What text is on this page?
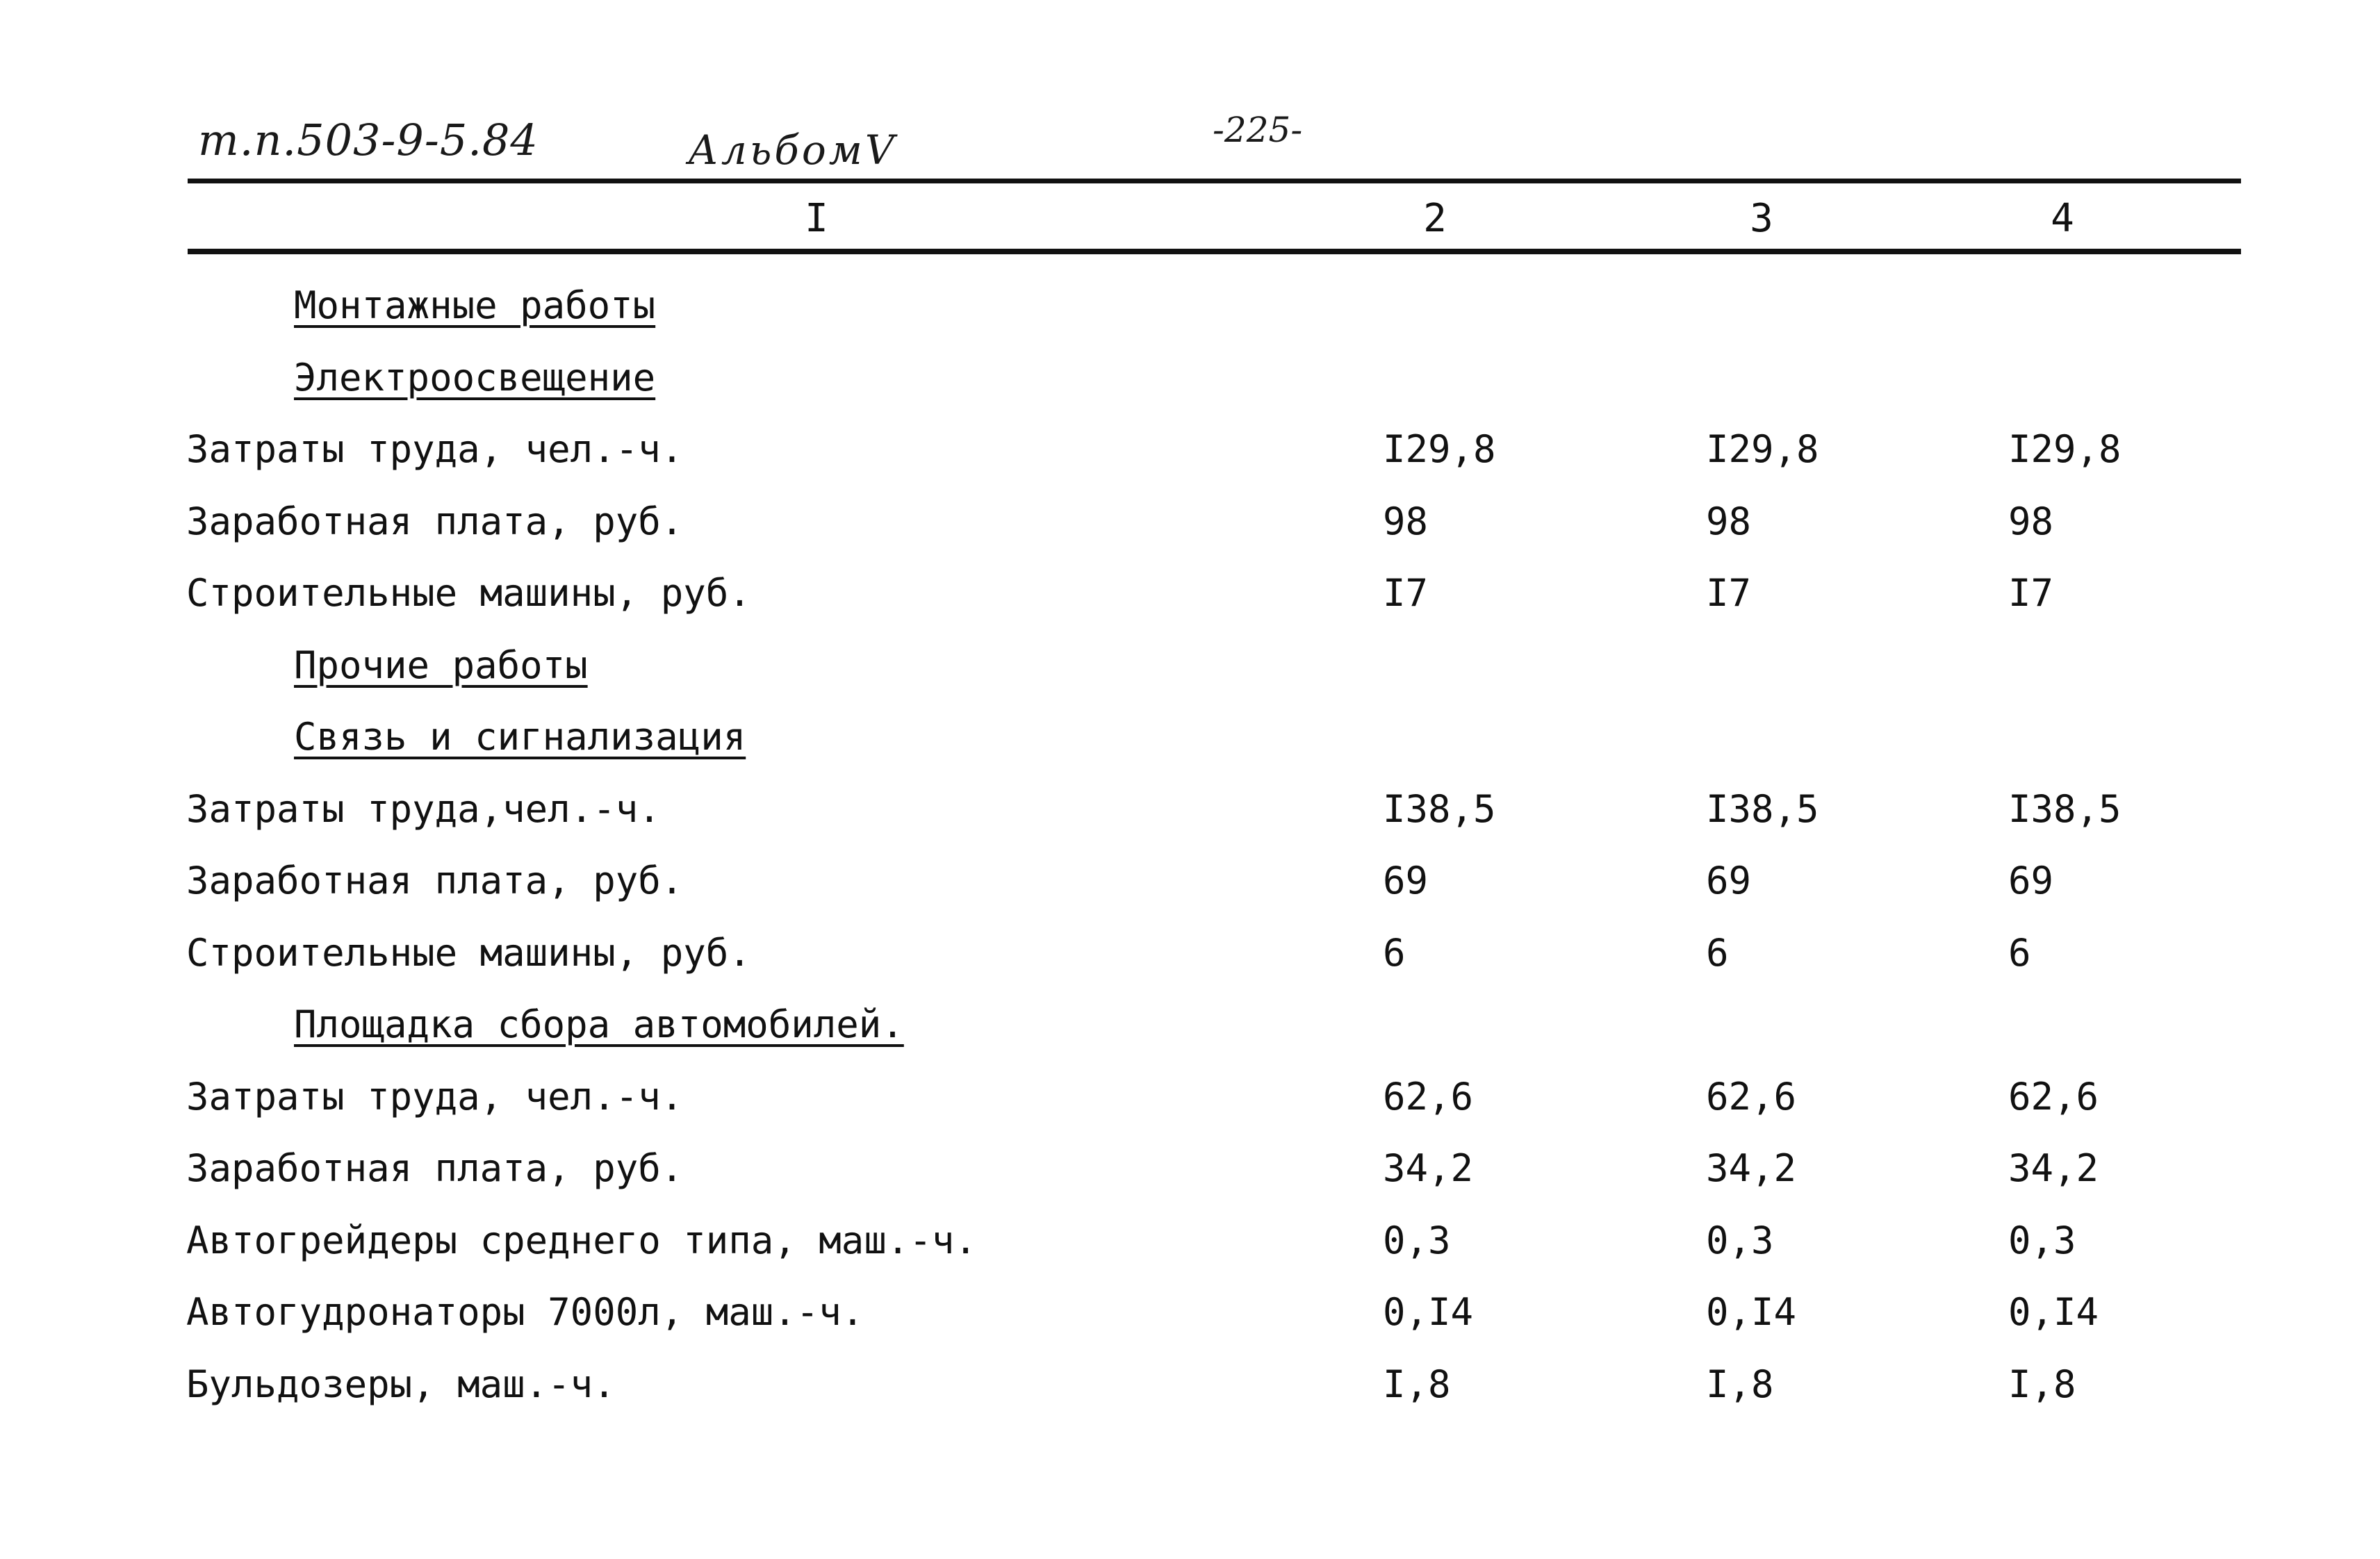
т.п.503-9-5.84	АльбомV	-225-
I	2	3	4
Монтажные работы
Электроосвещение
Затраты труда, чел.-ч.	I29,8	I29,8	I29,8
Заработная плата, руб.	98	98	98
Строительные машины, руб.	I7	I7	I7
Прочие работы
Связь и сигнализация
Затраты труда,чел.-ч.	I38,5	I38,5	I38,5
Заработная плата, руб.	69	69	69
Строительные машины, руб.	6	6	6
Площадка сбора автомобилей.
Затраты труда, чел.-ч.	62,6	62,6	62,6
Заработная плата, руб.	34,2	34,2	34,2
Автогрейдеры среднего типа, маш.-ч.	0,3	0,3	0,3
Автогудронаторы 7000л, маш.-ч.	0,I4	0,I4	0,I4
Бульдозеры, маш.-ч.	I,8	I,8	I,8
